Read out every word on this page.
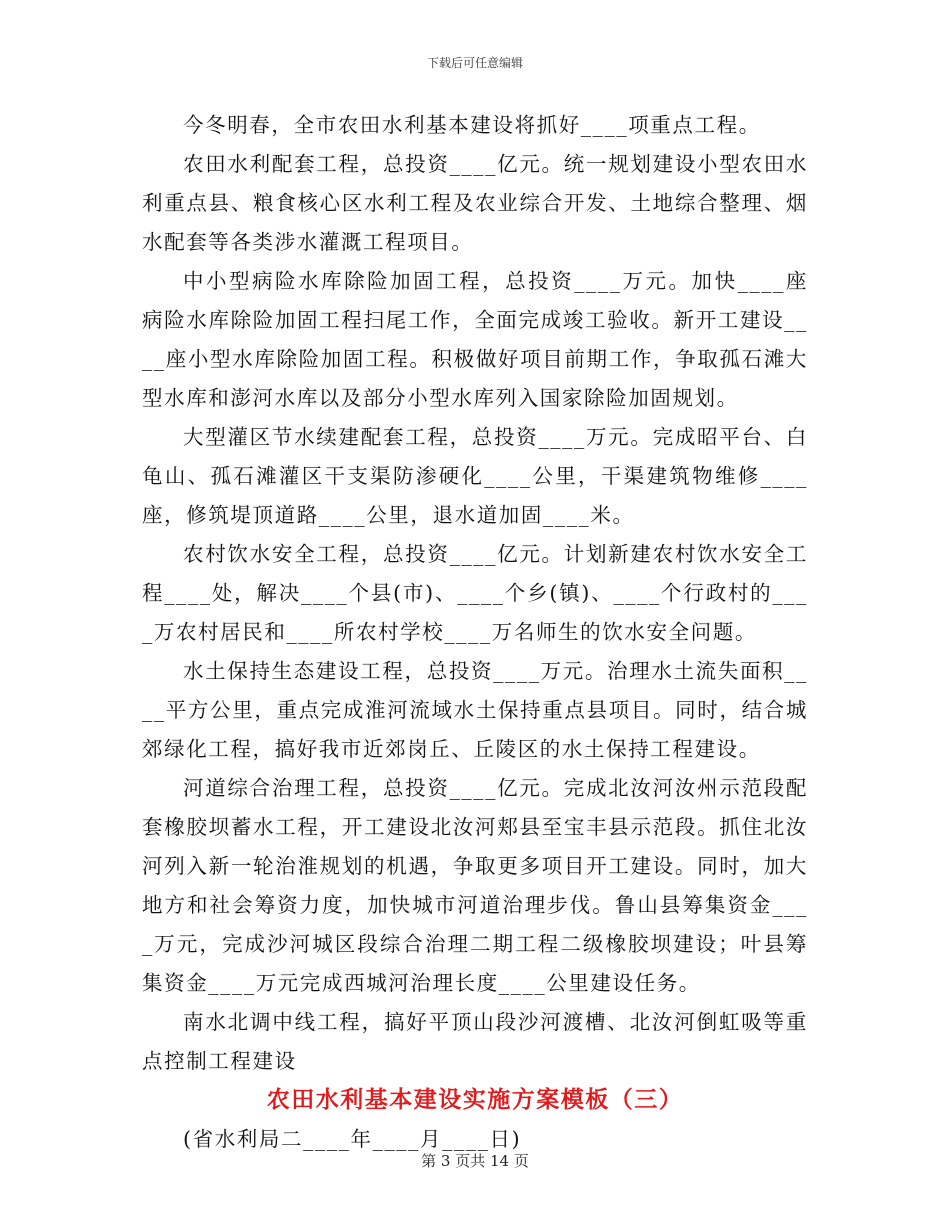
下载后可任意编辑

今冬明春，全市农田水利基本建设将抓好____项重点工程。

农田水利配套工程，总投资____亿元。统一规划建设小型农田水利重点县、粮食核心区水利工程及农业综合开发、土地综合整理、烟水配套等各类涉水灌溉工程项目。

中小型病险水库除险加固工程，总投资____万元。加快____座病险水库除险加固工程扫尾工作，全面完成竣工验收。新开工建设____座小型水库除险加固工程。积极做好项目前期工作，争取孤石滩大型水库和澎河水库以及部分小型水库列入国家除险加固规划。

大型灌区节水续建配套工程，总投资____万元。完成昭平台、白龟山、孤石滩灌区干支渠防渗硬化____公里，干渠建筑物维修____座，修筑堤顶道路____公里，退水道加固____米。

农村饮水安全工程，总投资____亿元。计划新建农村饮水安全工程____处，解决____个县(市)、____个乡(镇)、____个行政村的____万农村居民和____所农村学校____万名师生的饮水安全问题。

水土保持生态建设工程，总投资____万元。治理水土流失面积____平方公里，重点完成淮河流域水土保持重点县项目。同时，结合城郊绿化工程，搞好我市近郊岗丘、丘陵区的水土保持工程建设。

河道综合治理工程，总投资____亿元。完成北汝河汝州示范段配套橡胶坝蓄水工程，开工建设北汝河郏县至宝丰县示范段。抓住北汝河列入新一轮治淮规划的机遇，争取更多项目开工建设。同时，加大地方和社会筹资力度，加快城市河道治理步伐。鲁山县筹集资金____万元，完成沙河城区段综合治理二期工程二级橡胶坝建设；叶县筹集资金____万元完成西城河治理长度____公里建设任务。

南水北调中线工程，搞好平顶山段沙河渡槽、北汝河倒虹吸等重点控制工程建设

农田水利基本建设实施方案模板（三）

(省水利局二____年____月____日)

第 3 页共 14 页
